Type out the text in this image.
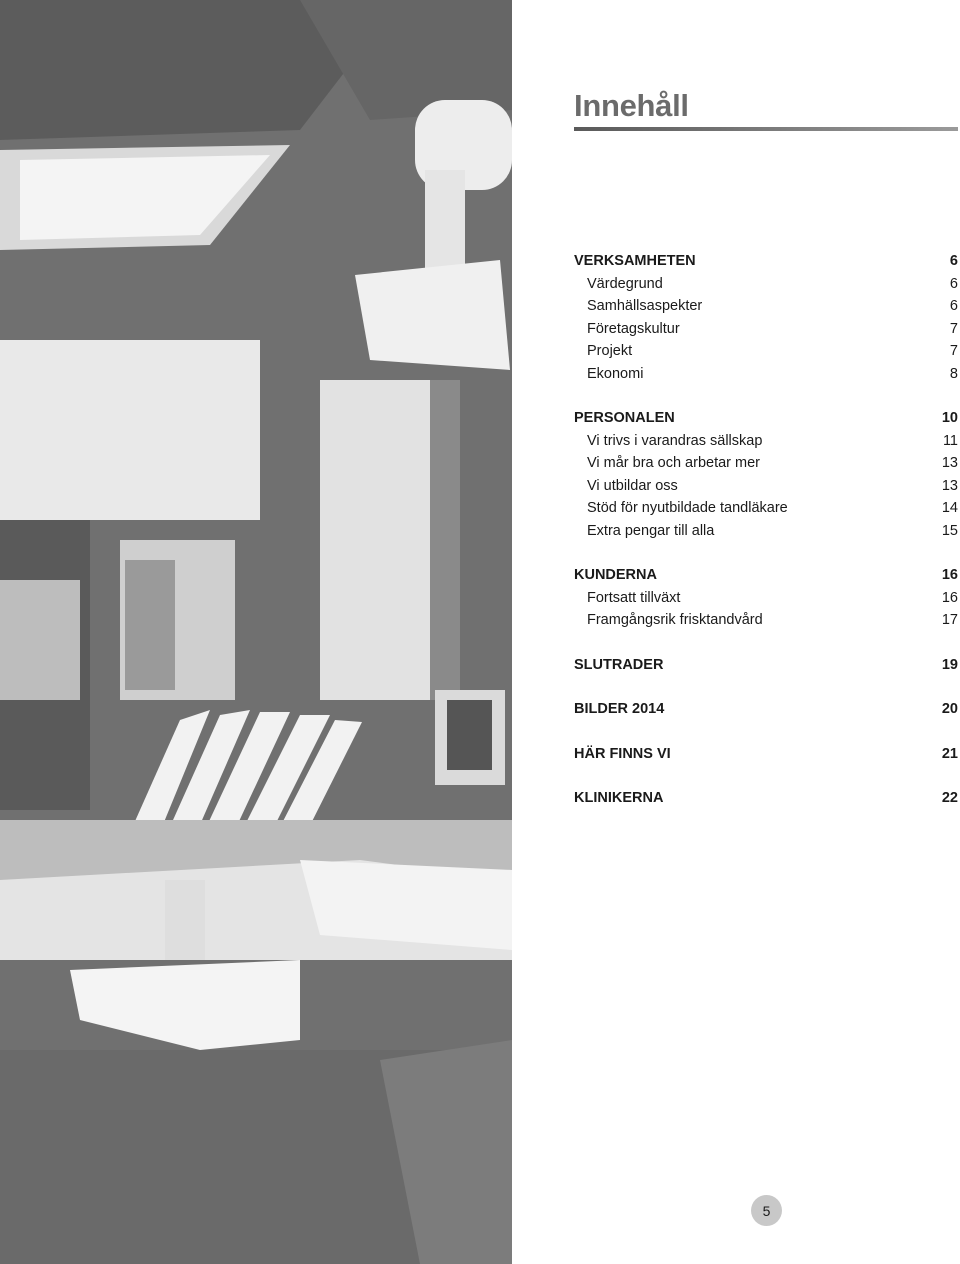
Innehåll
VERKSAMHETEN	6
Värdegrund	6
Samhällsaspekter	6
Företagskultur	7
Projekt	7
Ekonomi	8
PERSONALEN	10
Vi trivs i varandras sällskap	11
Vi mår bra och arbetar mer	13
Vi utbildar oss	13
Stöd för nyutbildade tandläkare	14
Extra pengar till alla	15
KUNDERNA	16
Fortsatt tillväxt	16
Framgångsrik frisktandvård	17
SLUTRADER	19
BILDER 2014	20
HÄR FINNS VI	21
KLINIKERNA	22
5
